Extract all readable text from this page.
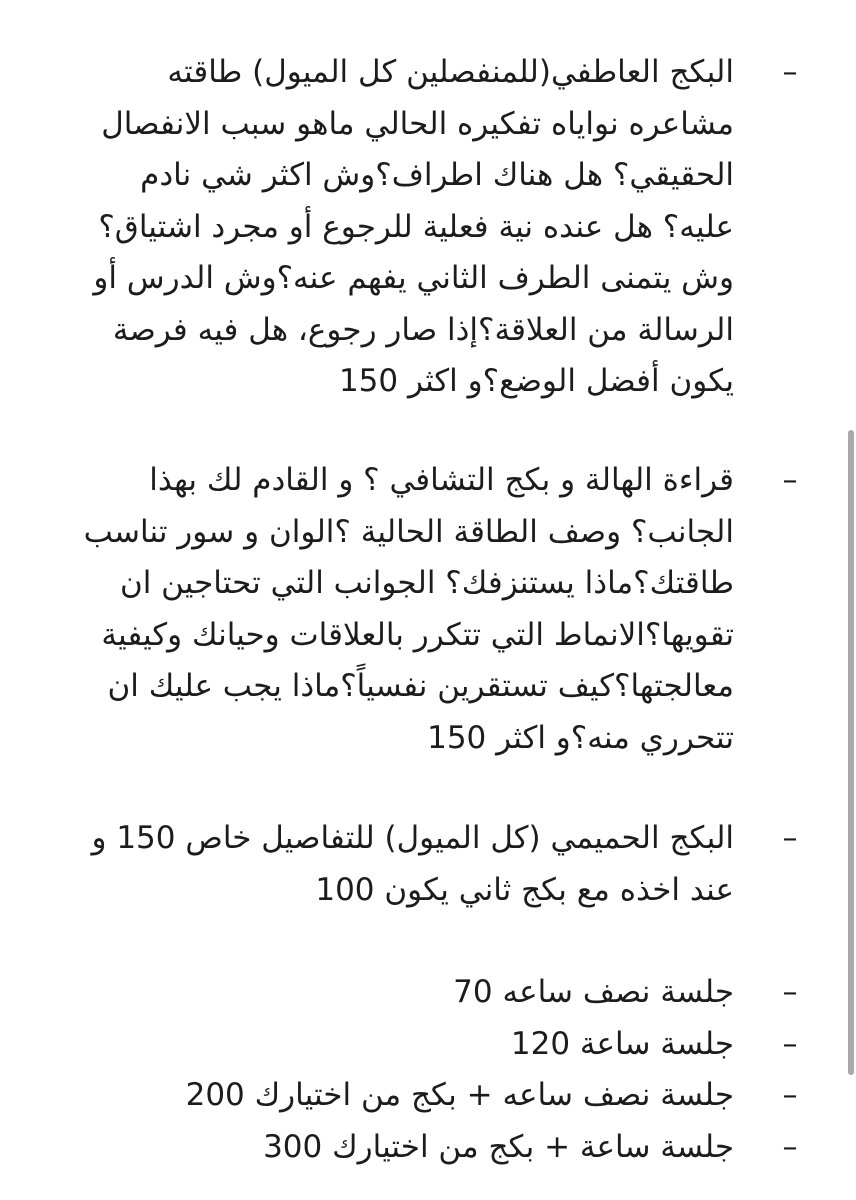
–
البكج العاطفي(للمنفصلين كل الميول) طاقته مشاعره نواياه تفكيره الحالي ماهو سبب الانفصال الحقيقي؟ هل هناك اطراف؟وش اكثر شي نادم عليه؟ هل عنده نية فعلية للرجوع أو مجرد اشتياق؟وش يتمنى الطرف الثاني يفهم عنه؟وش الدرس أو الرسالة من العلاقة؟إذا صار رجوع، هل فيه فرصة يكون أفضل الوضع؟و اكثر 150
–
قراءة الهالة و بكج التشافي ؟ و القادم لك بهذا الجانب؟ وصف الطاقة الحالية ؟الوان و سور تناسب طاقتك؟ماذا يستنزفك؟ الجوانب التي تحتاجين ان تقويها؟الانماط التي تتكرر بالعلاقات وحيانك وكيفية معالجتها؟كيف تستقرين نفسياً؟ماذا يجب عليك ان تتحرري منه؟و اكثر 150
–
البكج الحميمي (كل الميول) للتفاصيل خاص 150 و عند اخذه مع بكج ثاني يكون 100
–
جلسة نصف ساعه 70
–
جلسة ساعة 120
–
جلسة نصف ساعه + بكج من اختيارك 200
–
جلسة ساعة + بكج من اختيارك 300
